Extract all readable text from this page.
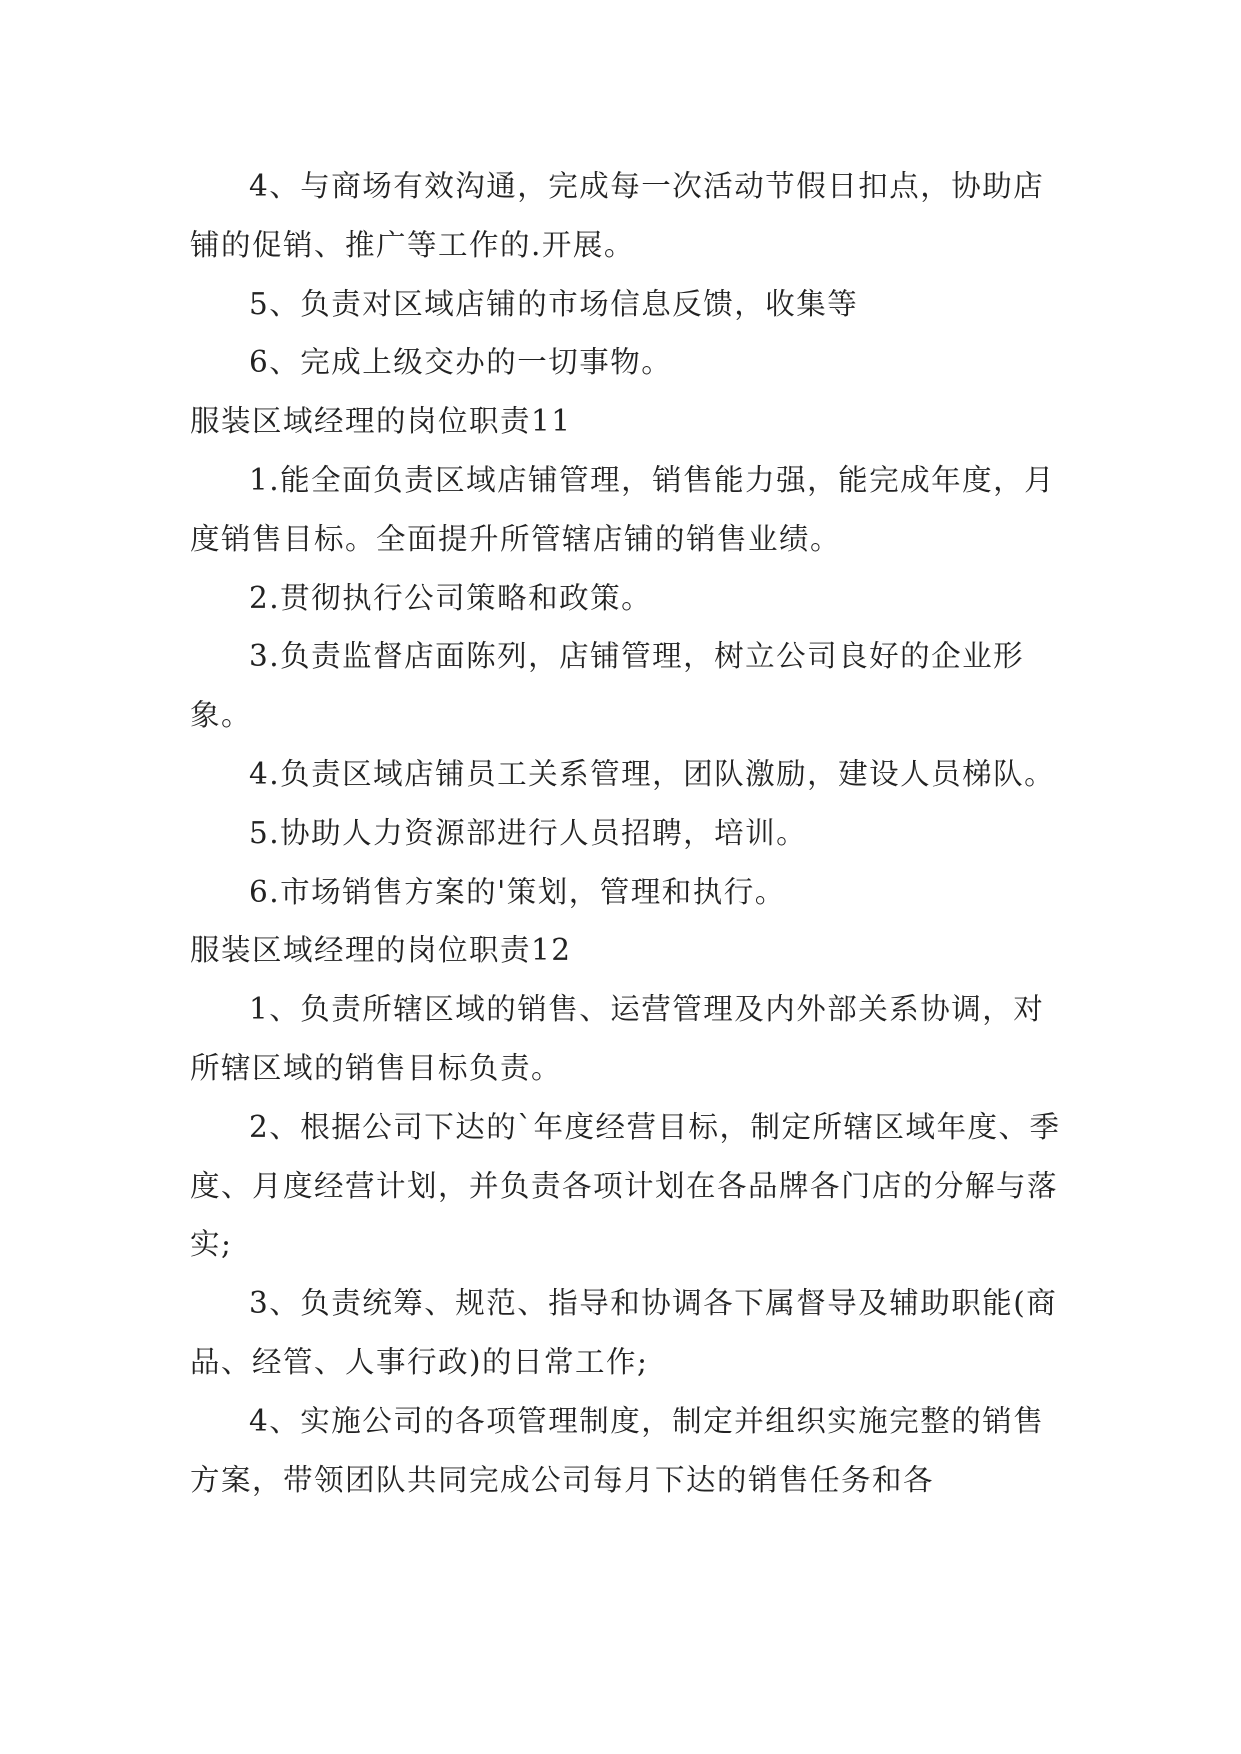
4、与商场有效沟通，完成每一次活动节假日扣点，协助店铺的促销、推广等工作的.开展。

5、负责对区域店铺的市场信息反馈，收集等

6、完成上级交办的一切事物。

服装区域经理的岗位职责11

1.能全面负责区域店铺管理，销售能力强，能完成年度，月度销售目标。全面提升所管辖店铺的销售业绩。

2.贯彻执行公司策略和政策。

3.负责监督店面陈列，店铺管理，树立公司良好的企业形象。

4.负责区域店铺员工关系管理，团队激励，建设人员梯队。

5.协助人力资源部进行人员招聘，培训。

6.市场销售方案的'策划，管理和执行。

服装区域经理的岗位职责12

1、负责所辖区域的销售、运营管理及内外部关系协调，对所辖区域的销售目标负责。

2、根据公司下达的`年度经营目标，制定所辖区域年度、季度、月度经营计划，并负责各项计划在各品牌各门店的分解与落实;

3、负责统筹、规范、指导和协调各下属督导及辅助职能(商品、经管、人事行政)的日常工作;

4、实施公司的各项管理制度，制定并组织实施完整的销售方案，带领团队共同完成公司每月下达的销售任务和各
